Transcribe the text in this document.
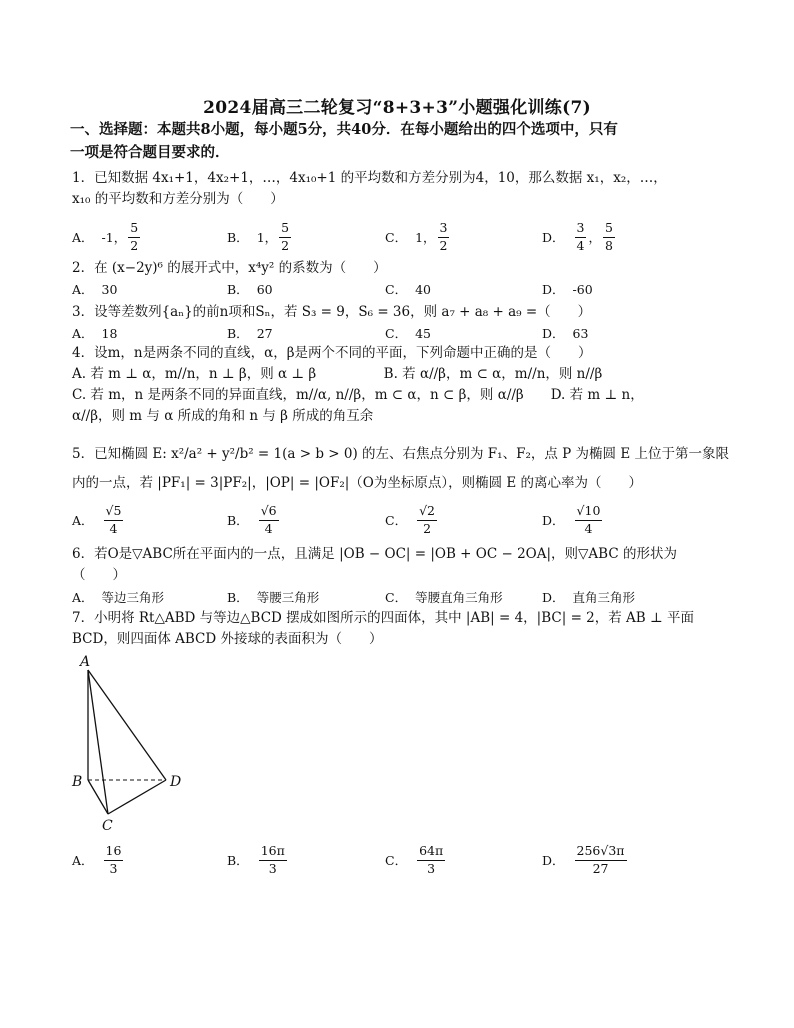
2024届高三二轮复习“8+3+3”小题强化训练(7)
一、选择题：本题共8小题，每小题5分，共40分．在每小题给出的四个选项中，只有
一项是符合题目要求的．
1．已知数据 4x₁+1，4x₂+1，…，4x₁₀+1 的平均数和方差分别为4，10，那么数据 x₁，x₂，…，
x₁₀ 的平均数和方差分别为（　　）
A． -1， $\frac{5}{2}$	B． 1， $\frac{5}{2}$	C． 1， $\frac{3}{2}$	D． $\frac{3}{4}$ ， $\frac{5}{8}$
2．在 (x−2y)⁶ 的展开式中，x⁴y² 的系数为（　　）
A． 30	B． 60	C． 40	D． -60
3．设等差数列{aₙ}的前n项和Sₙ，若 S₃ = 9，S₆ = 36，则 a₇ + a₈ + a₉ =（　　）
A． 18	B． 27	C． 45	D． 63
4．设m，n是两条不同的直线，α，β是两个不同的平面，下列命题中正确的是（　　）
A. 若 m ⊥ α，m//n，n ⊥ β，则 α ⊥ β　　　　　B. 若 α//β，m ⊂ α，m//n，则 n//β
C. 若 m，n 是两条不同的异面直线，m//α, n//β，m ⊂ α，n ⊂ β，则 α//β　　D. 若 m ⊥ n，
α//β，则 m 与 α 所成的角和 n 与 β 所成的角互余
5．已知椭圆 E: x²/a² + y²/b² = 1(a > b > 0) 的左、右焦点分别为 F₁、F₂，点 P 为椭圆 E 上位于第一象限
内的一点，若 |PF₁| = 3|PF₂|，|OP| = |OF₂|（O为坐标原点），则椭圆 E 的离心率为（　　）
A． $\frac{√5}{4}$	B． $\frac{√6}{4}$	C． $\frac{√2}{2}$	D． $\frac{√10}{4}$
6．若O是▽ABC所在平面内的一点，且满足 |OB − OC| = |OB + OC − 2OA|，则▽ABC 的形状为
（　　）
A． 等边三角形	B． 等腰三角形	C． 等腰直角三角形	D． 直角三角形
7．小明将 Rt△ABD 与等边△BCD 摆成如图所示的四面体，其中 |AB| = 4，|BC| = 2，若 AB ⊥ 平面
BCD，则四面体 ABCD 外接球的表面积为（　　）
A
B
C
D
A． $\frac{16}{3}$	B． $\frac{16\pi}{3}$	C． $\frac{64\pi}{3}$	D． $\frac{256√3\pi}{27}$
